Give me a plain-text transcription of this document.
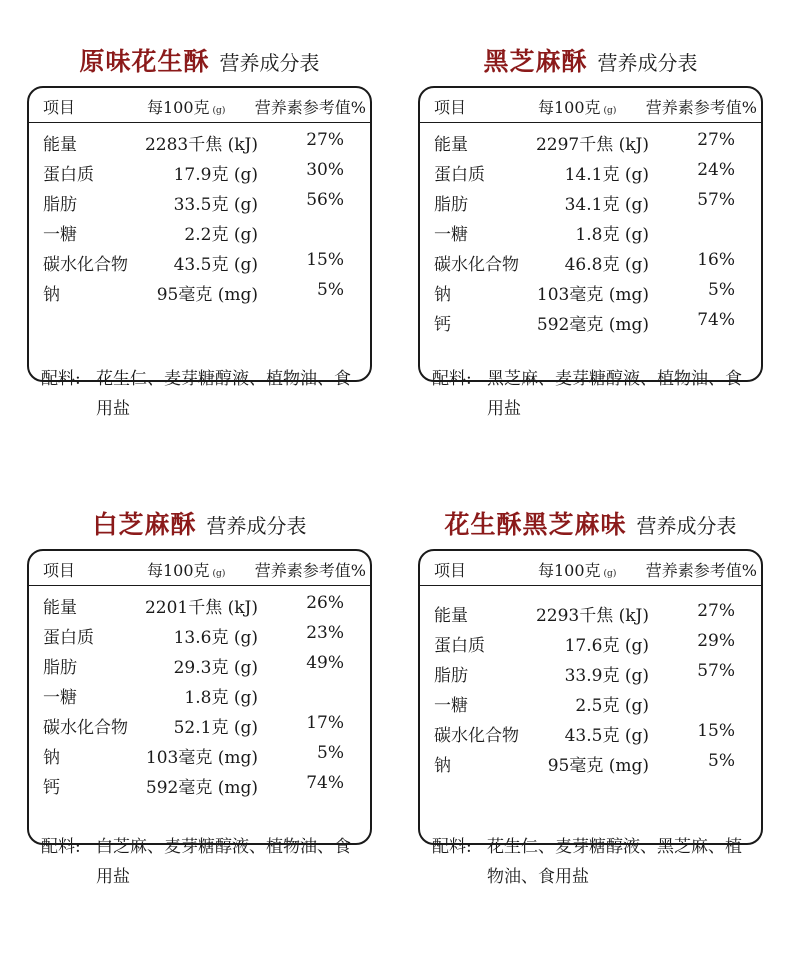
原味花生酥 营养成分表
项目	每100克 (g) 营养素参考值%
能量	2283千焦 (kJ)	27%
蛋白质	17.9克 (g)	30%
脂肪	33.5克 (g)	56%
一糖	2.2克 (g)
碳水化合物	43.5克 (g)	15%
钠	95毫克 (mg)	5%
配料: 花生仁、麦芽糖醇液、植物油、食用盐
黑芝麻酥 营养成分表
项目	每100克 (g) 营养素参考值%
能量	2297千焦 (kJ)	27%
蛋白质	14.1克 (g)	24%
脂肪	34.1克 (g)	57%
一糖	1.8克 (g)
碳水化合物	46.8克 (g)	16%
钠	103毫克 (mg)	5%
钙	592毫克 (mg)	74%
配料: 黑芝麻、麦芽糖醇液、植物油、食用盐
白芝麻酥 营养成分表
项目	每100克 (g) 营养素参考值%
能量	2201千焦 (kJ)	26%
蛋白质	13.6克 (g)	23%
脂肪	29.3克 (g)	49%
一糖	1.8克 (g)
碳水化合物	52.1克 (g)	17%
钠	103毫克 (mg)	5%
钙	592毫克 (mg)	74%
配料: 白芝麻、麦芽糖醇液、植物油、食用盐
花生酥黑芝麻味 营养成分表
项目	每100克 (g) 营养素参考值%
能量	2293千焦 (kJ)	27%
蛋白质	17.6克 (g)	29%
脂肪	33.9克 (g)	57%
一糖	2.5克 (g)
碳水化合物	43.5克 (g)	15%
钠	95毫克 (mg)	5%
配料: 花生仁、麦芽糖醇液、黑芝麻、植物油、食用盐
